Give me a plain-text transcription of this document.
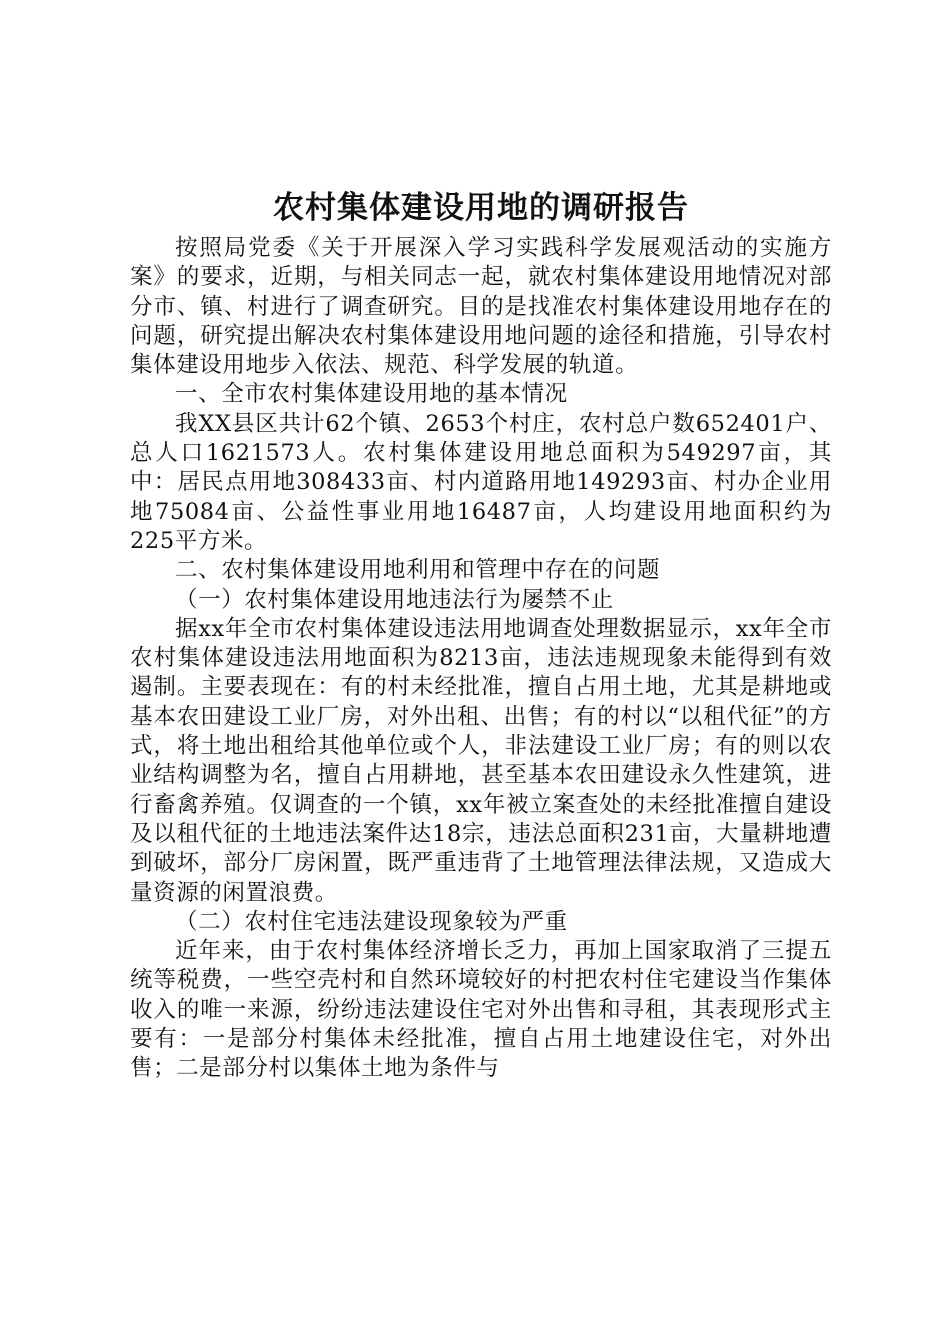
农村集体建设用地的调研报告

按照局党委《关于开展深入学习实践科学发展观活动的实施方案》的要求，近期，与相关同志一起，就农村集体建设用地情况对部分市、镇、村进行了调查研究。目的是找准农村集体建设用地存在的问题，研究提出解决农村集体建设用地问题的途径和措施，引导农村集体建设用地步入依法、规范、科学发展的轨道。

一、全市农村集体建设用地的基本情况

我XX县区共计62个镇、2653个村庄，农村总户数652401户、总人口1621573人。农村集体建设用地总面积为549297亩，其中：居民点用地308433亩、村内道路用地149293亩、村办企业用地75084亩、公益性事业用地16487亩，人均建设用地面积约为225平方米。

二、农村集体建设用地利用和管理中存在的问题

（一）农村集体建设用地违法行为屡禁不止

据xx年全市农村集体建设违法用地调查处理数据显示，xx年全市农村集体建设违法用地面积为8213亩，违法违规现象未能得到有效遏制。主要表现在：有的村未经批准，擅自占用土地，尤其是耕地或基本农田建设工业厂房，对外出租、出售；有的村以“以租代征”的方式，将土地出租给其他单位或个人，非法建设工业厂房；有的则以农业结构调整为名，擅自占用耕地，甚至基本农田建设永久性建筑，进行畜禽养殖。仅调查的一个镇，xx年被立案查处的未经批准擅自建设及以租代征的土地违法案件达18宗，违法总面积231亩，大量耕地遭到破坏，部分厂房闲置，既严重违背了土地管理法律法规，又造成大量资源的闲置浪费。

（二）农村住宅违法建设现象较为严重

近年来，由于农村集体经济增长乏力，再加上国家取消了三提五统等税费，一些空壳村和自然环境较好的村把农村住宅建设当作集体收入的唯一来源，纷纷违法建设住宅对外出售和寻租，其表现形式主要有：一是部分村集体未经批准，擅自占用土地建设住宅，对外出售；二是部分村以集体土地为条件与
